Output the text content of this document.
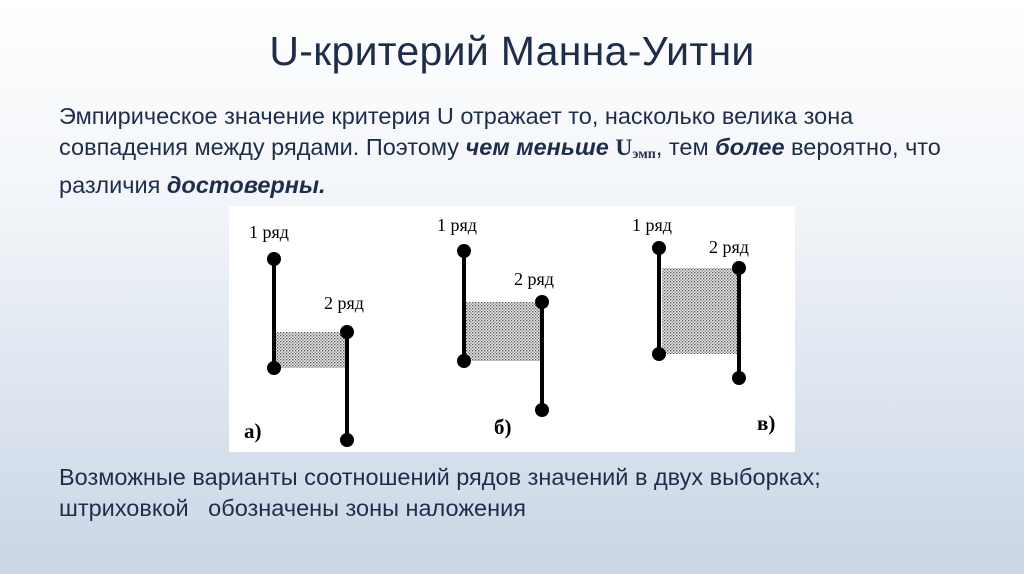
U-критерий Манна-Уитни
Эмпирическое значение критерия U отражает то, насколько велика зона совпадения между рядами. Поэтому чем меньше $U_{эмп}$, тем более вероятно, что различия достоверны.
1 ряд
2 ряд
а)
1 ряд
2 ряд
б)
1 ряд
2 ряд
в)
Возможные варианты соотношений рядов значений в двух выборках;
штриховкой   обозначены зоны наложения
